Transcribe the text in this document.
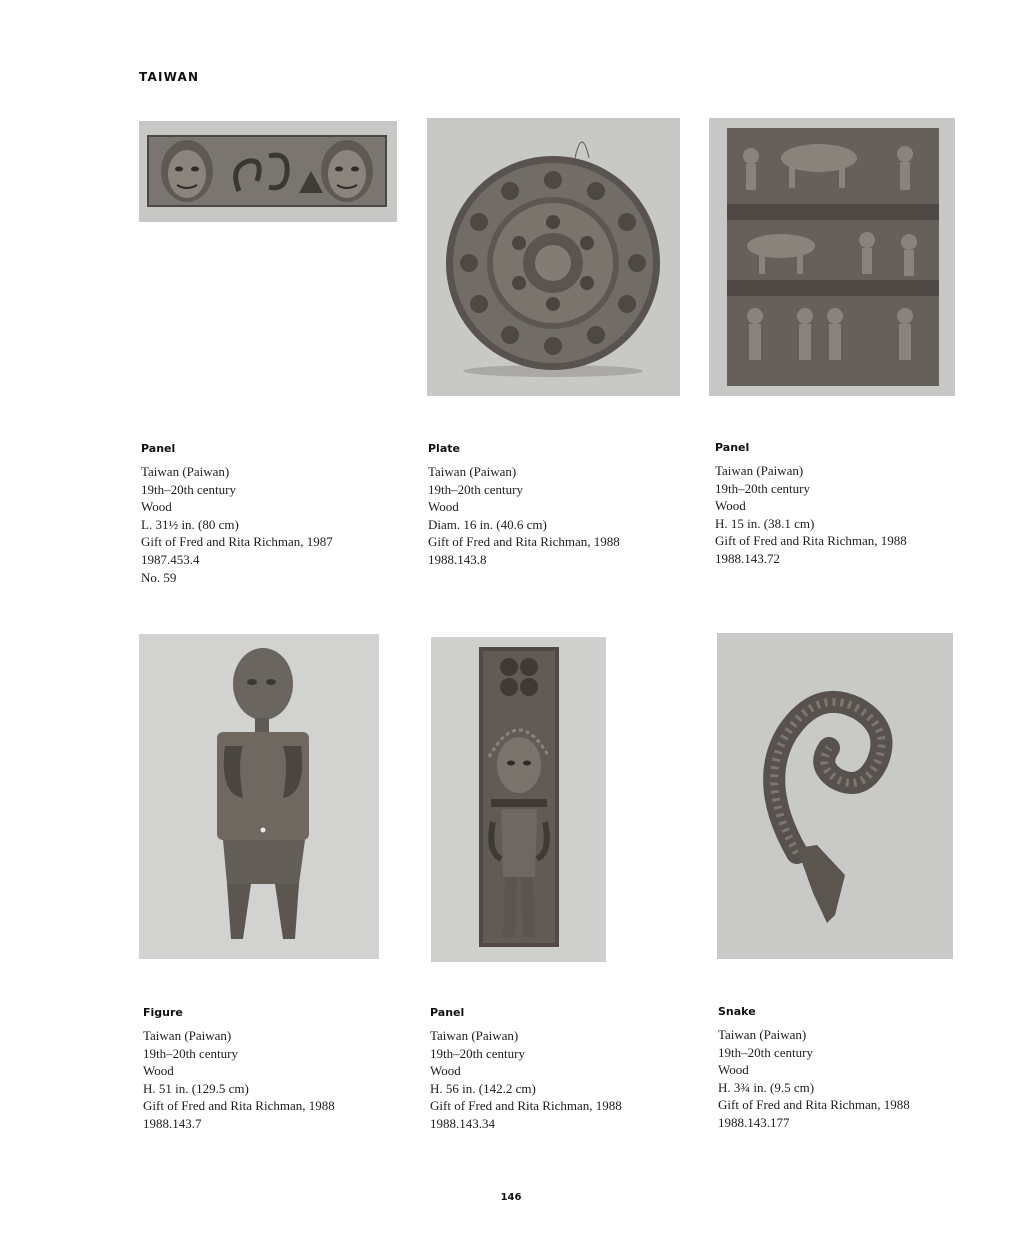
TAIWAN

Panel

Taiwan (Paiwan)

19th–20th century

Wood

L. 31½ in. (80 cm)

Gift of Fred and Rita Richman, 1987

1987.453.4

No. 59

Plate

Taiwan (Paiwan)

19th–20th century

Wood

Diam. 16 in. (40.6 cm)

Gift of Fred and Rita Richman, 1988

1988.143.8

Panel

Taiwan (Paiwan)

19th–20th century

Wood

H. 15 in. (38.1 cm)

Gift of Fred and Rita Richman, 1988

1988.143.72

Figure

Taiwan (Paiwan)

19th–20th century

Wood

H. 51 in. (129.5 cm)

Gift of Fred and Rita Richman, 1988

1988.143.7

Panel

Taiwan (Paiwan)

19th–20th century

Wood

H. 56 in. (142.2 cm)

Gift of Fred and Rita Richman, 1988

1988.143.34

Snake

Taiwan (Paiwan)

19th–20th century

Wood

H. 3¾ in. (9.5 cm)

Gift of Fred and Rita Richman, 1988

1988.143.177

146
